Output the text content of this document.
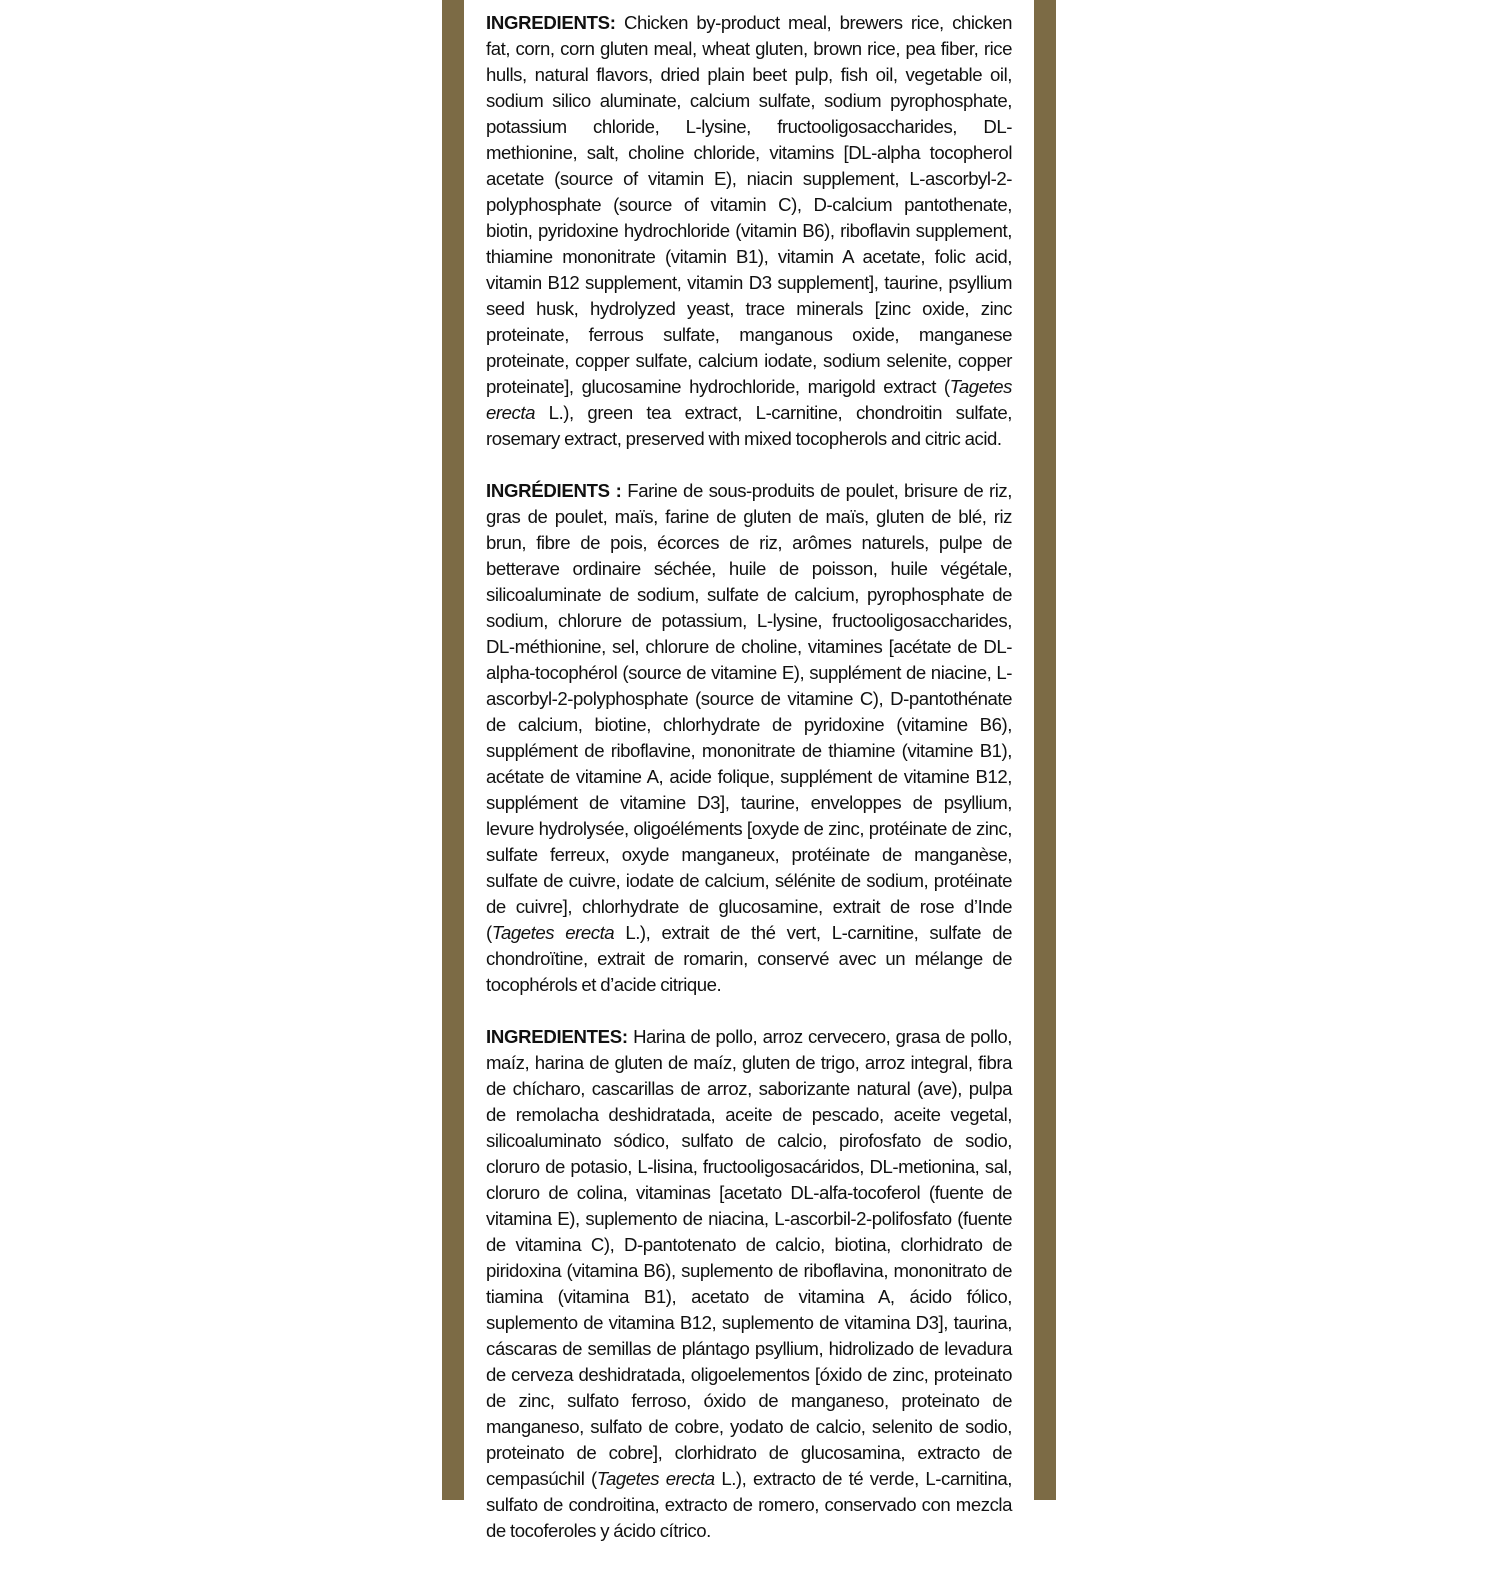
INGREDIENTS: Chicken by-product meal, brewers rice, chicken fat, corn, corn gluten meal, wheat gluten, brown rice, pea fiber, rice hulls, natural flavors, dried plain beet pulp, fish oil, vegetable oil, sodium silico aluminate, calcium sulfate, sodium pyrophosphate, potassium chloride, L-lysine, fructooligosaccharides, DL-methionine, salt, choline chloride, vitamins [DL-alpha tocopherol acetate (source of vitamin E), niacin supplement, L-ascorbyl-2-polyphosphate (source of vitamin C), D-calcium pantothenate, biotin, pyridoxine hydrochloride (vitamin B6), riboflavin supplement, thiamine mononitrate (vitamin B1), vitamin A acetate, folic acid, vitamin B12 supplement, vitamin D3 supplement], taurine, psyllium seed husk, hydrolyzed yeast, trace minerals [zinc oxide, zinc proteinate, ferrous sulfate, manganous oxide, manganese proteinate, copper sulfate, calcium iodate, sodium selenite, copper proteinate], glucosamine hydrochloride, marigold extract (Tagetes erecta L.), green tea extract, L-carnitine, chondroitin sulfate, rosemary extract, preserved with mixed tocopherols and citric acid.

INGRÉDIENTS : Farine de sous-produits de poulet, brisure de riz, gras de poulet, maïs, farine de gluten de maïs, gluten de blé, riz brun, fibre de pois, écorces de riz, arômes naturels, pulpe de betterave ordinaire séchée, huile de poisson, huile végétale, silicoaluminate de sodium, sulfate de calcium, pyrophosphate de sodium, chlorure de potassium, L-lysine, fructooligosaccharides, DL-méthionine, sel, chlorure de choline, vitamines [acétate de DL-alpha-tocophérol (source de vitamine E), supplément de niacine, L-ascorbyl-2-polyphosphate (source de vitamine C), D-pantothénate de calcium, biotine, chlorhydrate de pyridoxine (vitamine B6), supplément de riboflavine, mononitrate de thiamine (vitamine B1), acétate de vitamine A, acide folique, supplément de vitamine B12, supplément de vitamine D3], taurine, enveloppes de psyllium, levure hydrolysée, oligoéléments [oxyde de zinc, protéinate de zinc, sulfate ferreux, oxyde manganeux, protéinate de manganèse, sulfate de cuivre, iodate de calcium, sélénite de sodium, protéinate de cuivre], chlorhydrate de glucosamine, extrait de rose d’Inde (Tagetes erecta L.), extrait de thé vert, L-carnitine, sulfate de chondroïtine, extrait de romarin, conservé avec un mélange de tocophérols et d’acide citrique.

INGREDIENTES: Harina de pollo, arroz cervecero, grasa de pollo, maíz, harina de gluten de maíz, gluten de trigo, arroz integral, fibra de chícharo, cascarillas de arroz, saborizante natural (ave), pulpa de remolacha deshidratada, aceite de pescado, aceite vegetal, silicoaluminato sódico, sulfato de calcio, pirofosfato de sodio, cloruro de potasio, L-lisina, fructooligosacáridos, DL-metionina, sal, cloruro de colina, vitaminas [acetato DL-alfa-tocoferol (fuente de vitamina E), suplemento de niacina, L-ascorbil-2-polifosfato (fuente de vitamina C), D-pantotenato de calcio, biotina, clorhidrato de piridoxina (vitamina B6), suplemento de riboflavina, mononitrato de tiamina (vitamina B1), acetato de vitamina A, ácido fólico, suplemento de vitamina B12, suplemento de vitamina D3], taurina, cáscaras de semillas de plántago psyllium, hidrolizado de levadura de cerveza deshidratada, oligoelementos [óxido de zinc, proteinato de zinc, sulfato ferroso, óxido de manganeso, proteinato de manganeso, sulfato de cobre, yodato de calcio, selenito de sodio, proteinato de cobre], clorhidrato de glucosamina, extracto de cempasúchil (Tagetes erecta L.), extracto de té verde, L-carnitina, sulfato de condroitina, extracto de romero, conservado con mezcla de tocoferoles y ácido cítrico.
